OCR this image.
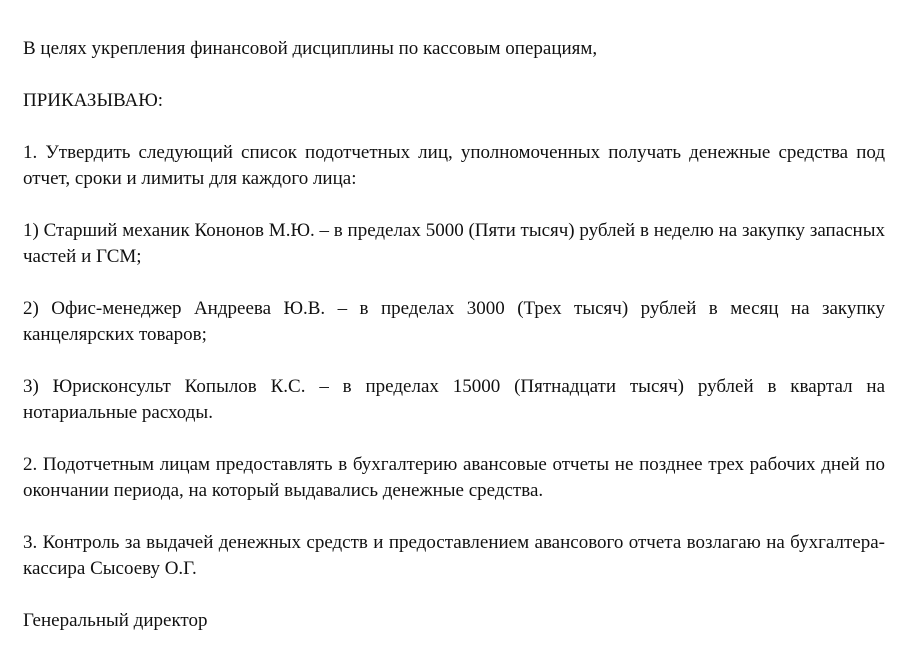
В целях укрепления финансовой дисциплины по кассовым операциям,

ПРИКАЗЫВАЮ:

1. Утвердить следующий список подотчетных лиц, уполномоченных получать денежные средства под отчет, сроки и лимиты для каждого лица:

1) Старший механик Кононов М.Ю. – в пределах 5000 (Пяти тысяч) рублей в неделю на закупку запасных частей и ГСМ;

2) Офис-менеджер Андреева Ю.В. – в пределах 3000 (Трех тысяч) рублей в месяц на закупку канцелярских товаров;

3) Юрисконсульт Копылов К.С. – в пределах 15000 (Пятнадцати тысяч) рублей в квартал на нотариальные расходы.

2. Подотчетным лицам предоставлять в бухгалтерию авансовые отчеты не позднее трех рабочих дней по окончании периода, на который выдавались денежные средства.

3. Контроль за выдачей денежных средств и предоставлением авансового отчета возлагаю на бухгалтера-кассира Сысоеву О.Г.

Генеральный директор
